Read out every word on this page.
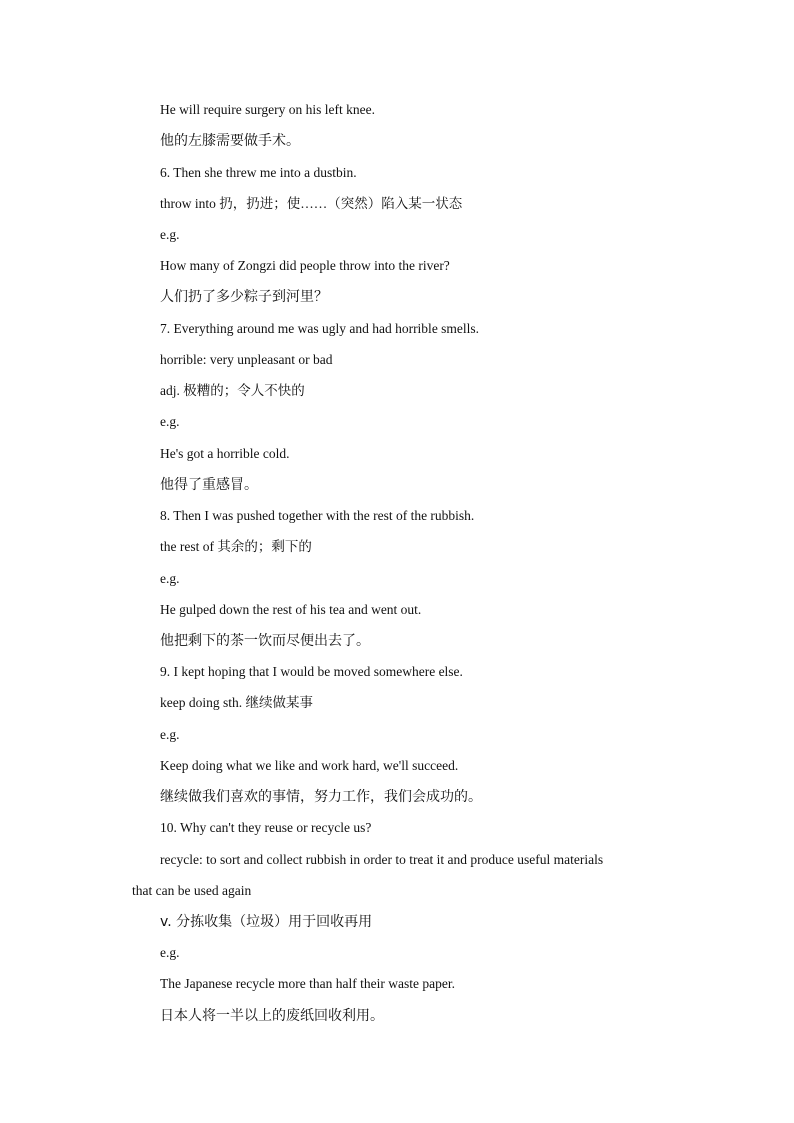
He will require surgery on his left knee.
他的左膝需要做手术。
6. Then she threw me into a dustbin.
throw into 扔，扔进；使……（突然）陷入某一状态
e.g.
How many of Zongzi did people throw into the river?
人们扔了多少粽子到河里？
7. Everything around me was ugly and had horrible smells.
horrible: very unpleasant or bad
adj. 极糟的；令人不快的
e.g.
He's got a horrible cold.
他得了重感冒。
8. Then I was pushed together with the rest of the rubbish.
the rest of 其余的；剩下的
e.g.
He gulped down the rest of his tea and went out.
他把剩下的茶一饮而尽便出去了。
9. I kept hoping that I would be moved somewhere else.
keep doing sth. 继续做某事
e.g.
Keep doing what we like and work hard, we'll succeed.
继续做我们喜欢的事情，努力工作，我们会成功的。
10. Why can't they reuse or recycle us?
recycle: to sort and collect rubbish in order to treat it and produce useful materials
that can be used again
v. 分拣收集（垃圾）用于回收再用
e.g.
The Japanese recycle more than half their waste paper.
日本人将一半以上的废纸回收利用。
